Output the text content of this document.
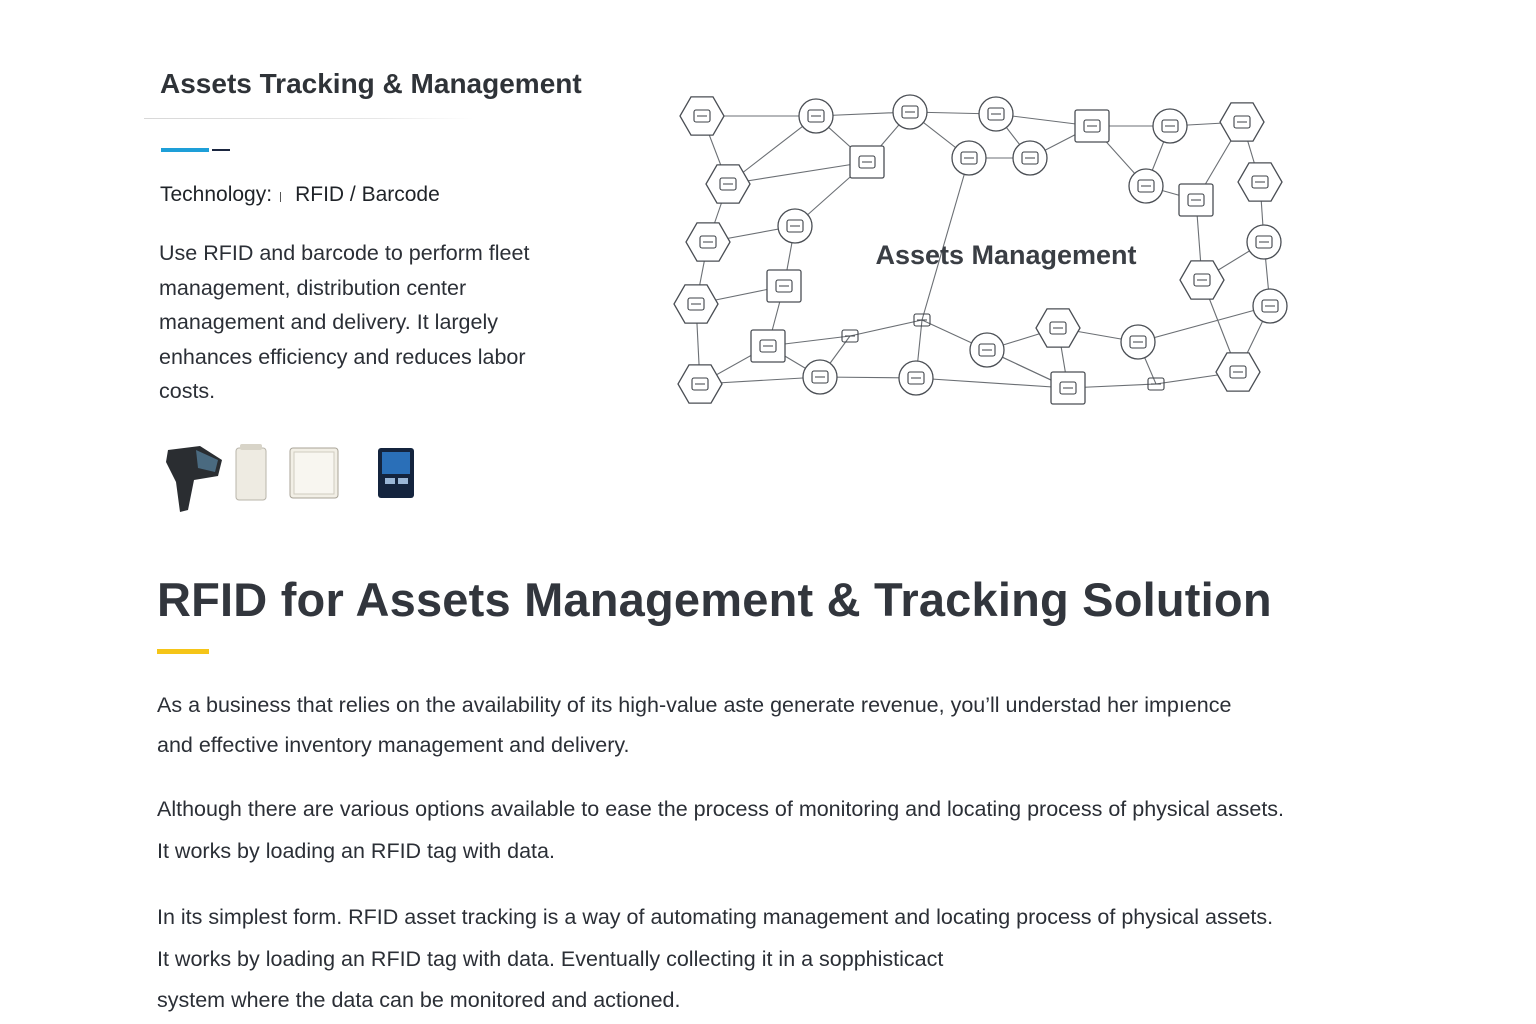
Assets Tracking & Management
Technology: RFID / Barcode

Use RFID and barcode to perform fleet management, distribution center management and delivery. It largely enhances efficiency and reduces labor costs.

Assets Management
RFID for Assets Management & Tracking Solution

As a business that relies on the availability of its high-value aste generate revenue, you’ll understad her impıence
and effective inventory management and delivery.

Although there are various options available to ease the process of monitoring and locating process of physical assets.
It works by loading an RFID tag with data.

In its simplest form. RFID asset tracking is a way of automating management and locating process of physical assets.
It works by loading an RFID tag with data. Eventually collecting it in a sopphisticact
system where the data can be monitored and actioned.
